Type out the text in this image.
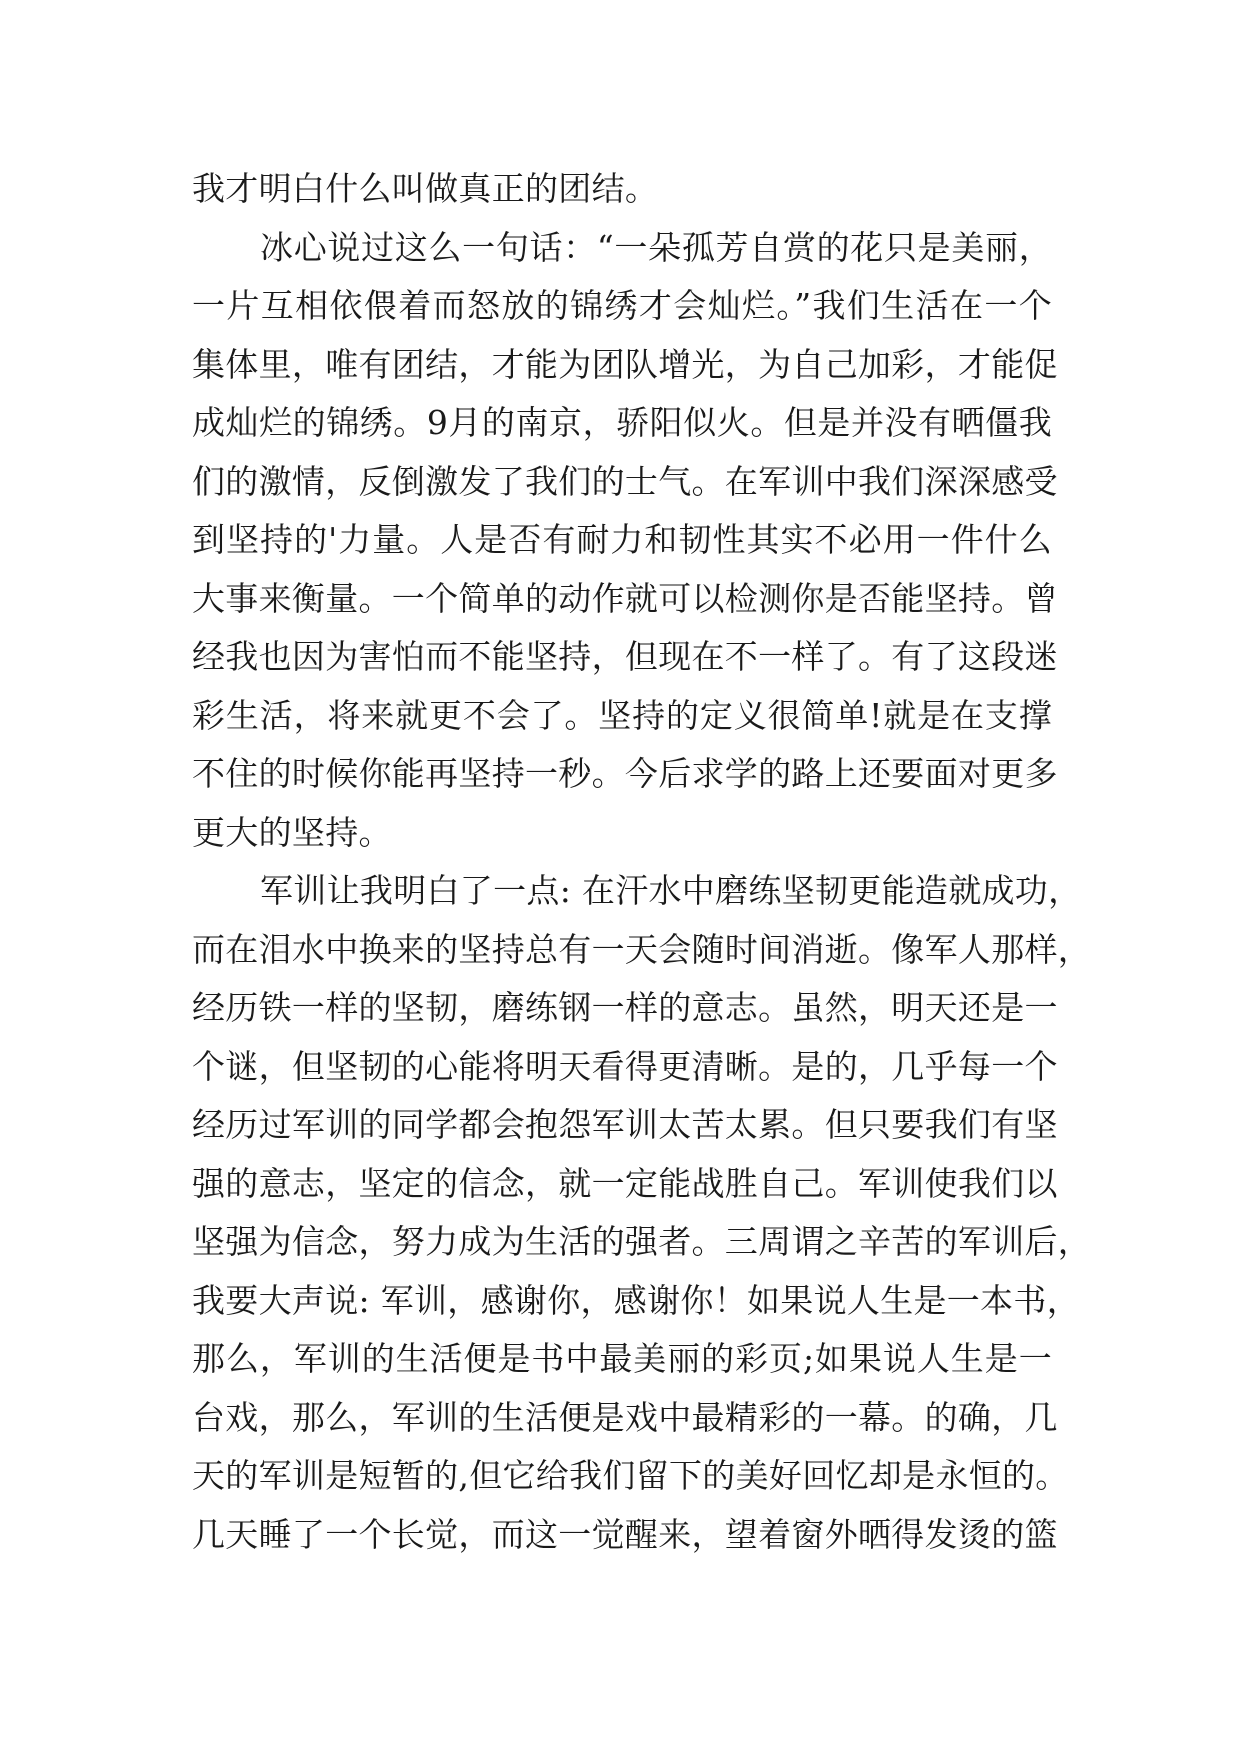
我才明白什么叫做真正的团结。
冰心说过这么一句话：“一朵孤芳自赏的花只是美丽，
一片互相依偎着而怒放的锦绣才会灿烂。”我们生活在一个
集体里，唯有团结，才能为团队增光，为自己加彩，才能促
成灿烂的锦绣。9月的南京，骄阳似火。但是并没有晒僵我
们的激情，反倒激发了我们的士气。在军训中我们深深感受
到坚持的'力量。人是否有耐力和韧性其实不必用一件什么
大事来衡量。一个简单的动作就可以检测你是否能坚持。曾
经我也因为害怕而不能坚持，但现在不一样了。有了这段迷
彩生活，将来就更不会了。坚持的定义很简单!就是在支撑
不住的时候你能再坚持一秒。今后求学的路上还要面对更多
更大的坚持。
军训让我明白了一点: 在汗水中磨练坚韧更能造就成功，
而在泪水中换来的坚持总有一天会随时间消逝。像军人那样，
经历铁一样的坚韧，磨练钢一样的意志。虽然，明天还是一
个谜，但坚韧的心能将明天看得更清晰。是的，几乎每一个
经历过军训的同学都会抱怨军训太苦太累。但只要我们有坚
强的意志，坚定的信念，就一定能战胜自己。军训使我们以
坚强为信念，努力成为生活的强者。三周谓之辛苦的军训后，
我要大声说: 军训，感谢你，感谢你！如果说人生是一本书，
那么，军训的生活便是书中最美丽的彩页;如果说人生是一
台戏，那么，军训的生活便是戏中最精彩的一幕。的确，几
天的军训是短暂的,但它给我们留下的美好回忆却是永恒的。
几天睡了一个长觉，而这一觉醒来，望着窗外晒得发烫的篮
